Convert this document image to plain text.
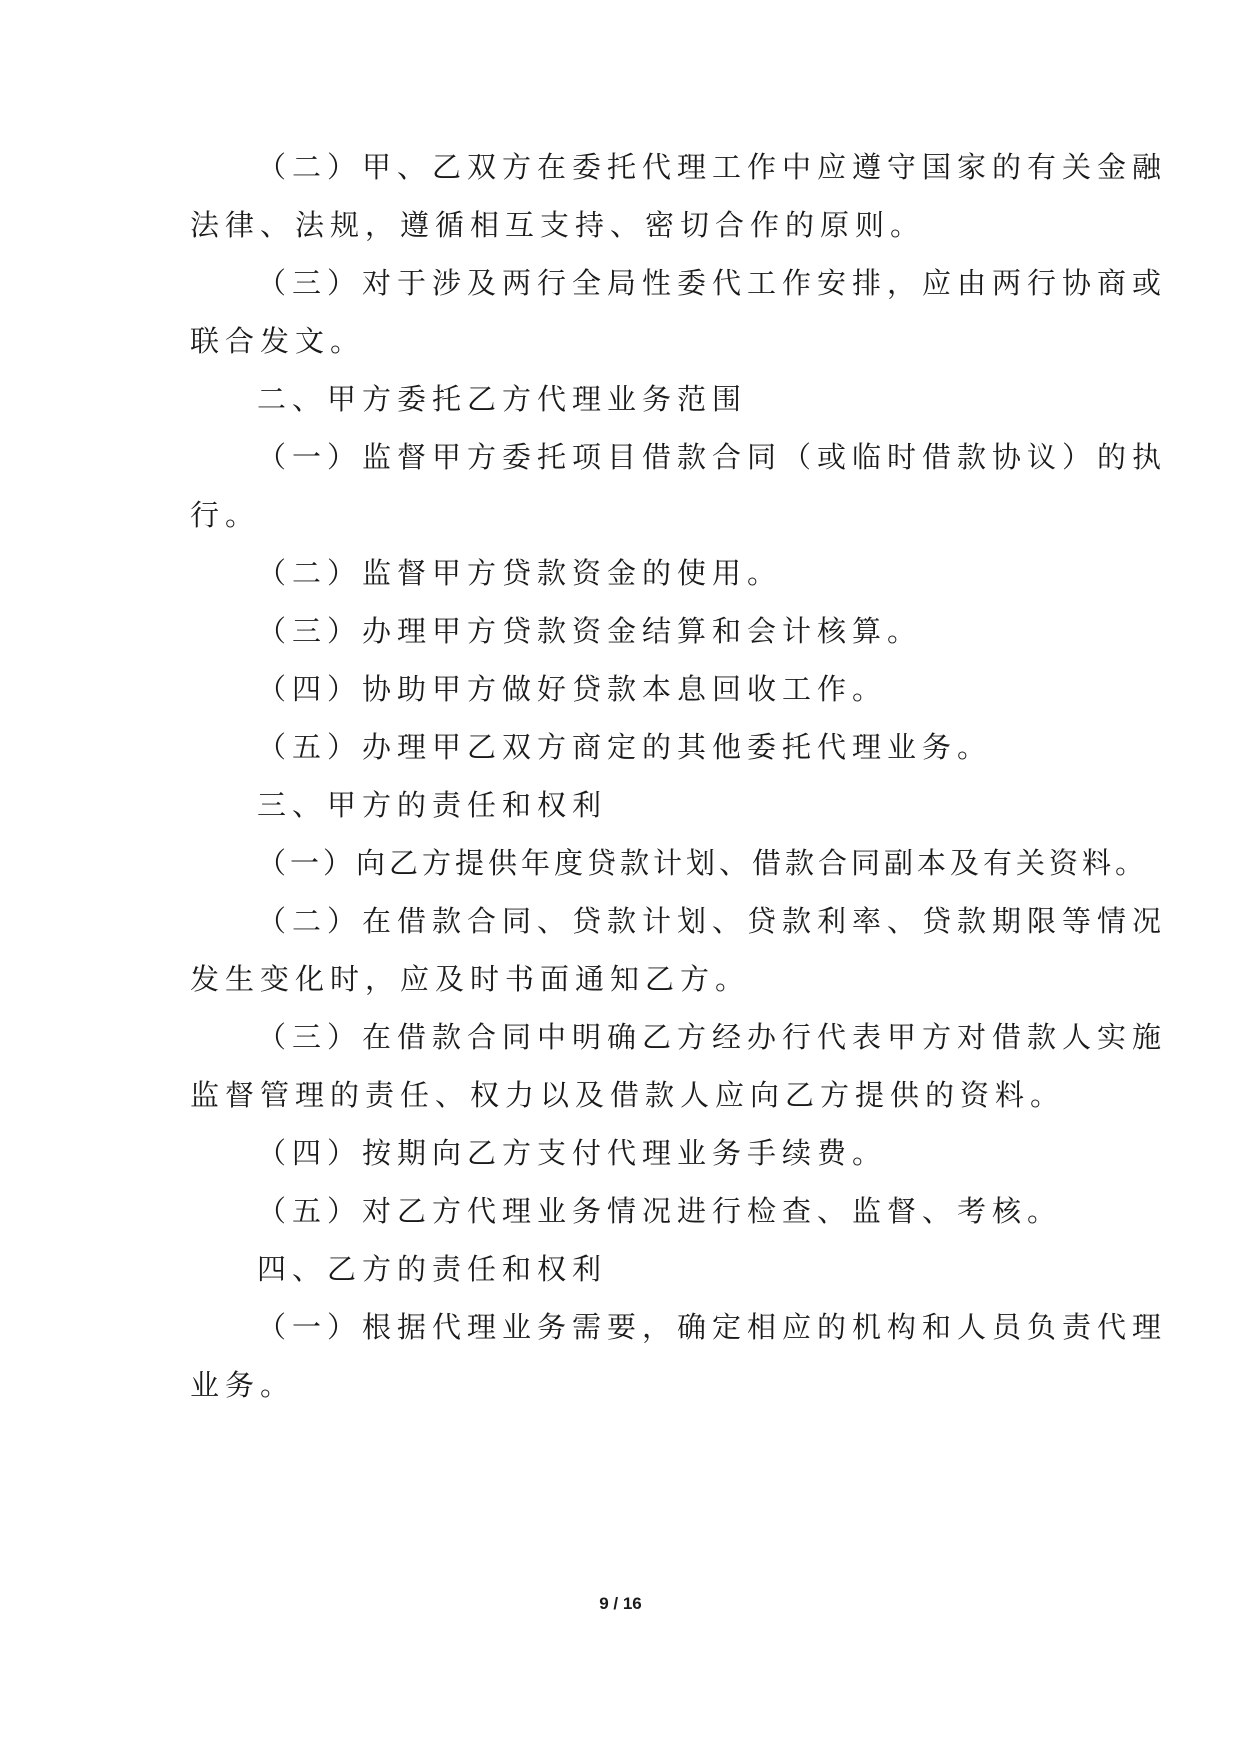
（二）甲、乙双方在委托代理工作中应遵守国家的有关金融

法律、法规，遵循相互支持、密切合作的原则。

（三）对于涉及两行全局性委代工作安排，应由两行协商或

联合发文。

二、甲方委托乙方代理业务范围

（一）监督甲方委托项目借款合同（或临时借款协议）的执

行。

（二）监督甲方贷款资金的使用。

（三）办理甲方贷款资金结算和会计核算。

（四）协助甲方做好贷款本息回收工作。

（五）办理甲乙双方商定的其他委托代理业务。

三、甲方的责任和权利

（一）向乙方提供年度贷款计划、借款合同副本及有关资料。

（二）在借款合同、贷款计划、贷款利率、贷款期限等情况

发生变化时，应及时书面通知乙方。

（三）在借款合同中明确乙方经办行代表甲方对借款人实施

监督管理的责任、权力以及借款人应向乙方提供的资料。

（四）按期向乙方支付代理业务手续费。

（五）对乙方代理业务情况进行检查、监督、考核。

四、乙方的责任和权利

（一）根据代理业务需要，确定相应的机构和人员负责代理

业务。

9 / 16
